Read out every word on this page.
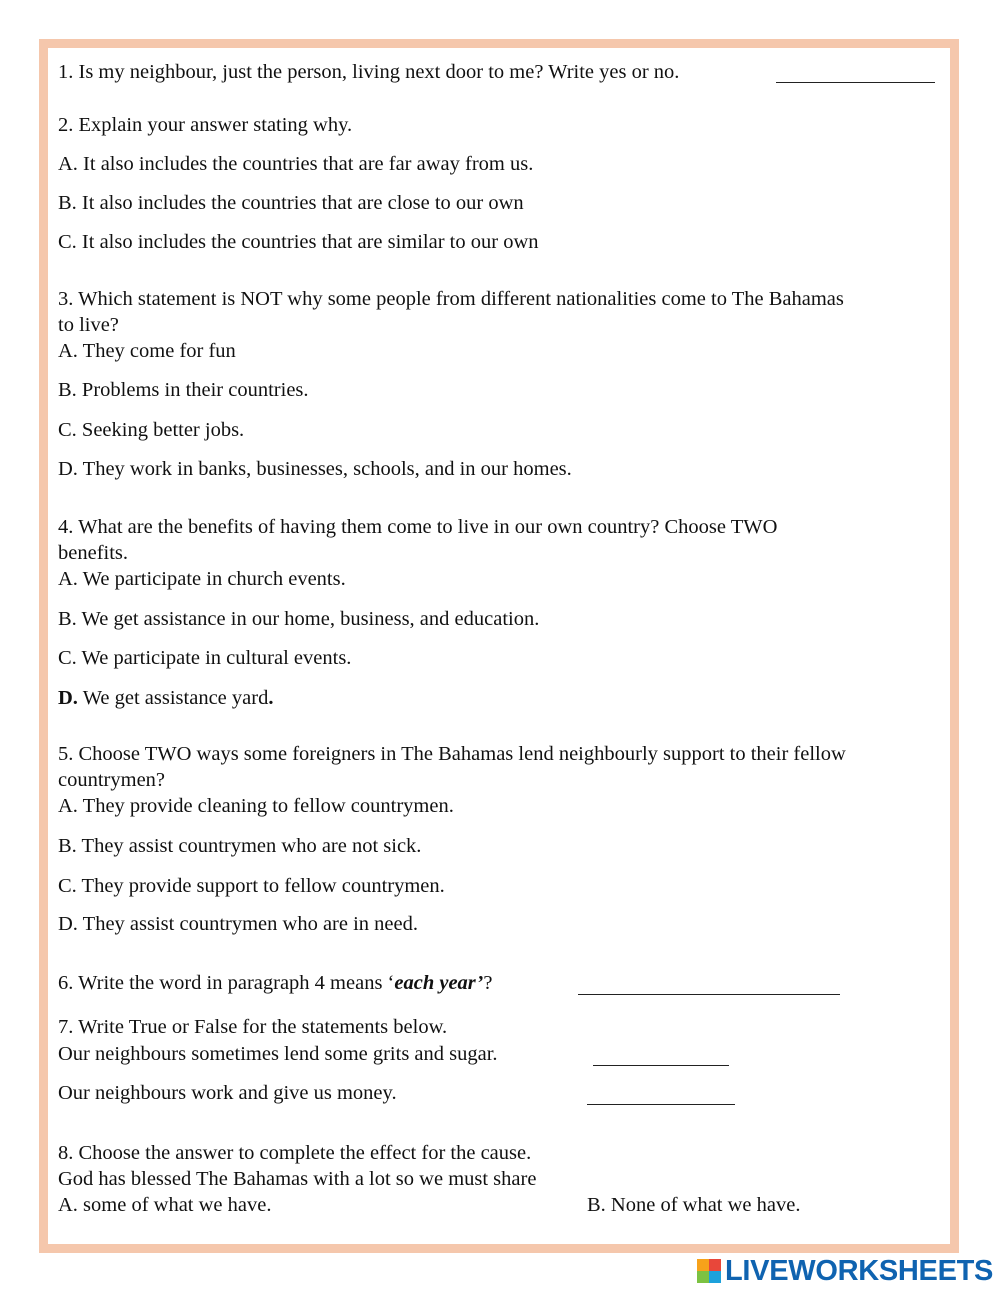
1. Is my neighbour, just the person, living next door to me? Write yes or no.
2. Explain your answer stating why.
A. It also includes the countries that are far away from us.
B. It also includes the countries that are close to our own
C. It also includes the countries that are similar to our own
3. Which statement is NOT why some people from different nationalities come to The Bahamas
to live?
A. They come for fun
B. Problems in their countries.
C. Seeking better jobs.
D. They work in banks, businesses, schools, and in our homes.
4. What are the benefits of having them come to live in our own country? Choose TWO
benefits.
A. We participate in church events.
B. We get assistance in our home, business, and education.
C. We participate in cultural events.
D. We get assistance yard.
5. Choose TWO ways some foreigners in The Bahamas lend neighbourly support to their fellow
countrymen?
A. They provide cleaning to fellow countrymen.
B. They assist countrymen who are not sick.
C. They provide support to fellow countrymen.
D. They assist countrymen who are in need.
6. Write the word in paragraph 4 means ‘each year’?
7. Write True or False for the statements below.
Our neighbours sometimes lend some grits and sugar.
Our neighbours work and give us money.
8. Choose the answer to complete the effect for the cause.
God has blessed The Bahamas with a lot so we must share
A. some of what we have.	B. None of what we have.
LIVEWORKSHEETS
